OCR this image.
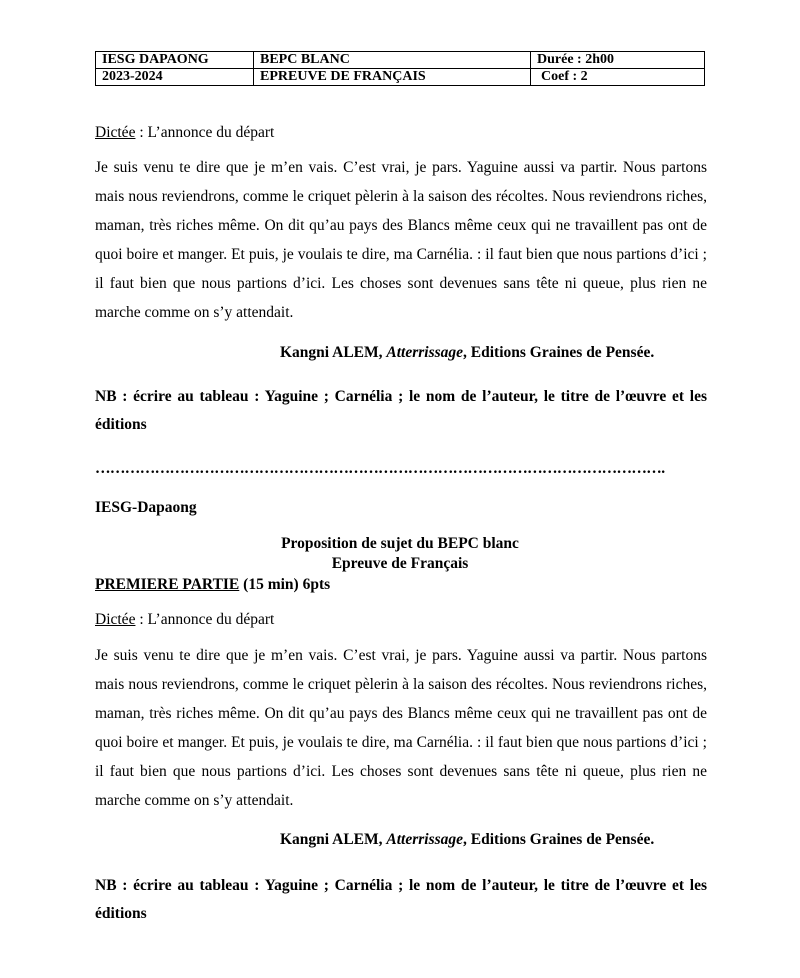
IESG DAPAONG	BEPC BLANC	Durée : 2h00
2023-2024	EPREUVE DE FRANÇAIS	Coef : 2
Dictée : L’annonce du départ
Je suis venu te dire que je m’en vais. C’est vrai, je pars. Yaguine aussi va partir. Nous partons mais nous reviendrons, comme le criquet pèlerin à la saison des récoltes. Nous reviendrons riches, maman, très riches même. On dit qu’au pays des Blancs même ceux qui ne travaillent pas ont de quoi boire et manger. Et puis, je voulais te dire, ma Carnélia. : il faut bien que nous partions d’ici ; il faut bien que nous partions d’ici. Les choses sont devenues sans tête ni queue, plus rien ne marche comme on s’y attendait.
Kangni ALEM, Atterrissage, Editions Graines de Pensée.
NB : écrire au tableau : Yaguine ; Carnélia ; le nom de l’auteur, le titre de l’œuvre et les éditions
…………………………………………………………………………………………………….
IESG-Dapaong
Proposition de sujet du BEPC blanc
Epreuve de Français
PREMIERE PARTIE (15 min) 6pts
Dictée : L’annonce du départ
Je suis venu te dire que je m’en vais. C’est vrai, je pars. Yaguine aussi va partir. Nous partons mais nous reviendrons, comme le criquet pèlerin à la saison des récoltes. Nous reviendrons riches, maman, très riches même. On dit qu’au pays des Blancs même ceux qui ne travaillent pas ont de quoi boire et manger. Et puis, je voulais te dire, ma Carnélia. : il faut bien que nous partions d’ici ; il faut bien que nous partions d’ici. Les choses sont devenues sans tête ni queue, plus rien ne marche comme on s’y attendait.
Kangni ALEM, Atterrissage, Editions Graines de Pensée.
NB : écrire au tableau : Yaguine ; Carnélia ; le nom de l’auteur, le titre de l’œuvre et les éditions
